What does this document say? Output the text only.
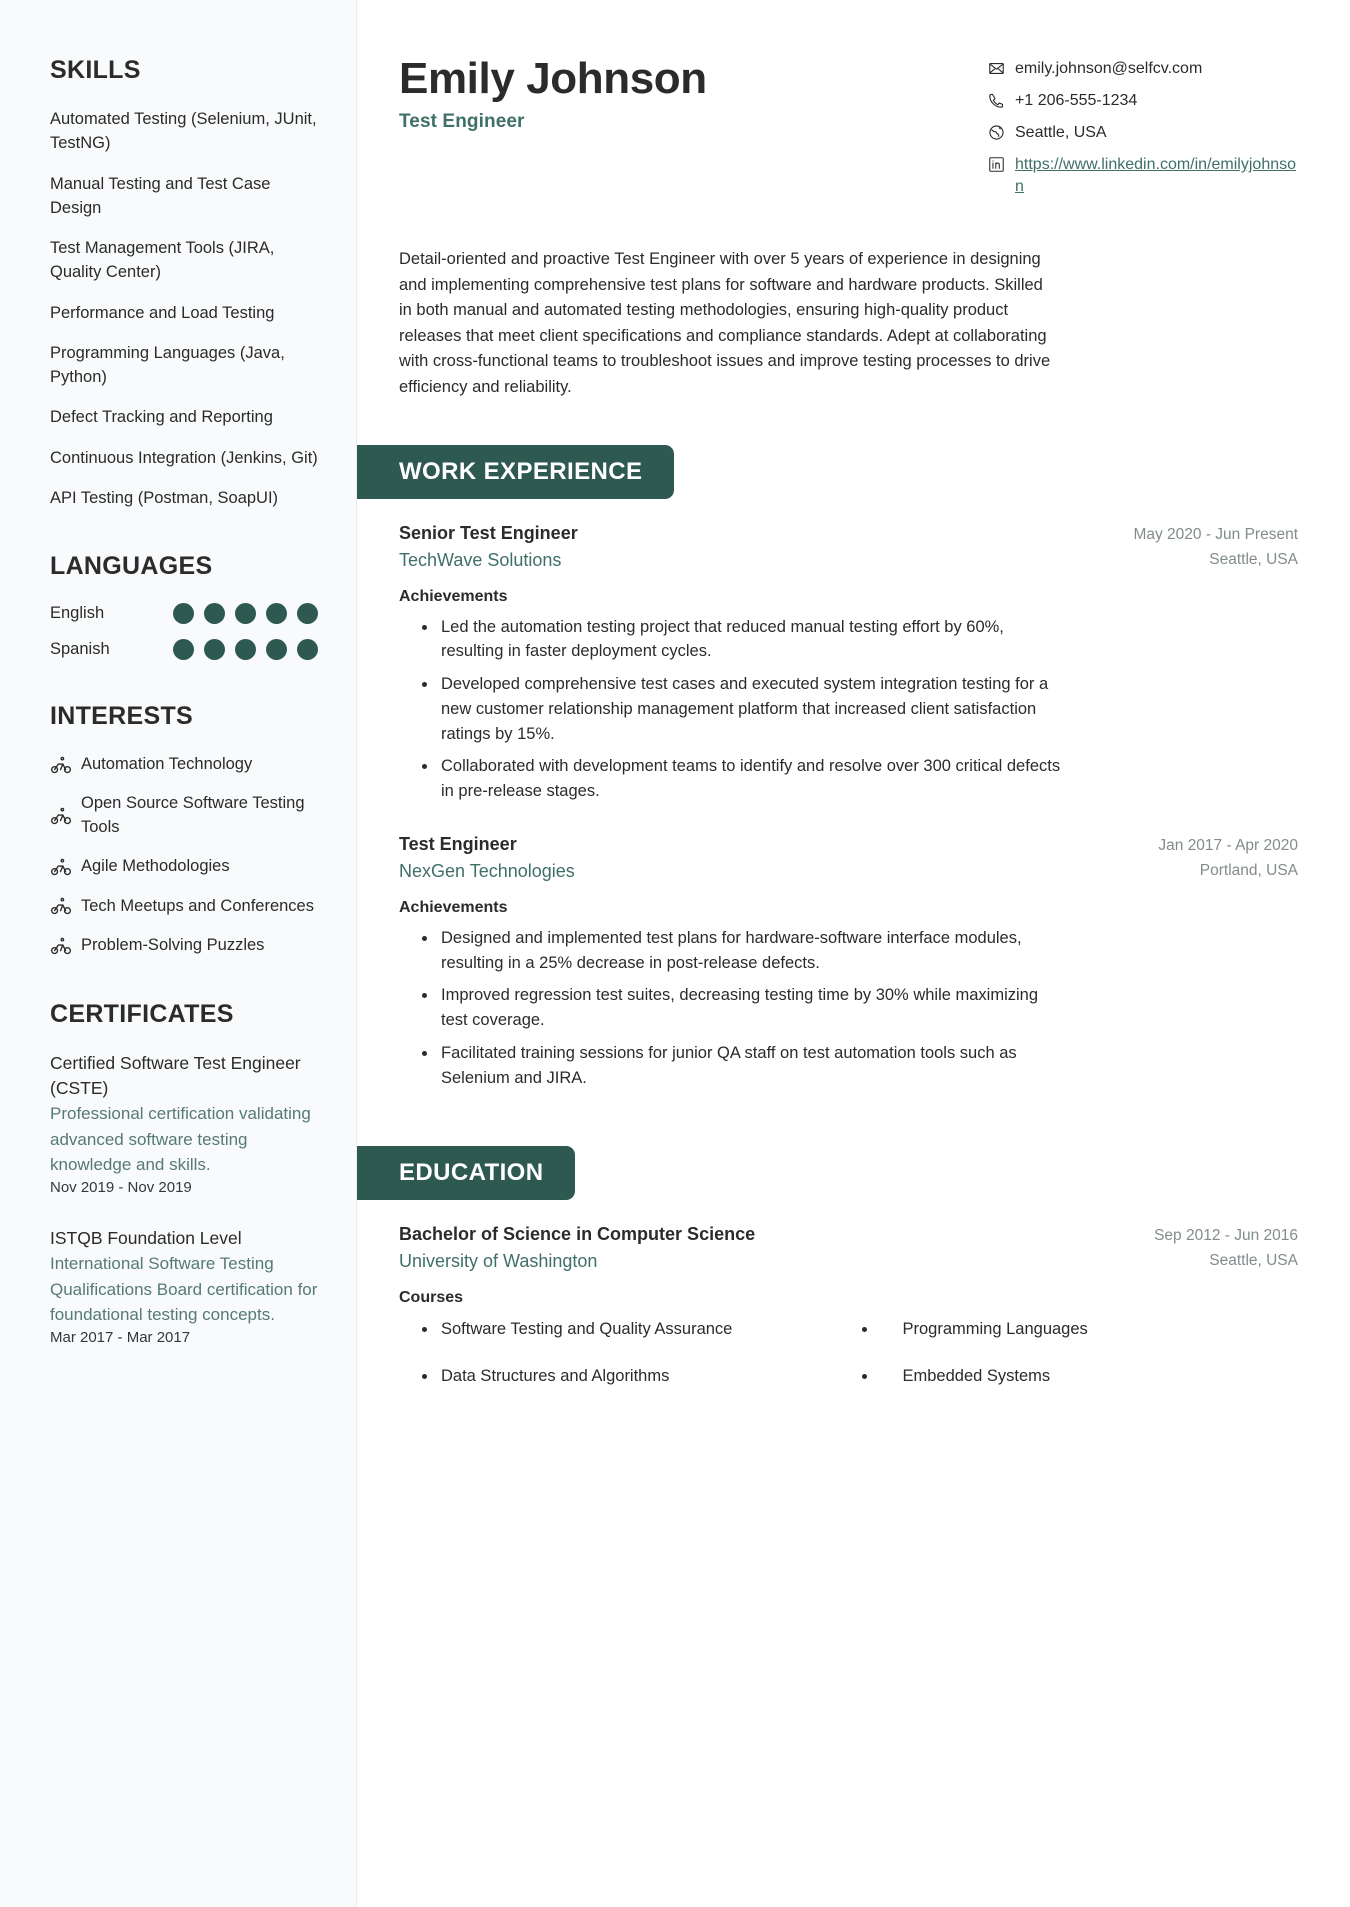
SKILLS
Automated Testing (Selenium, JUnit, TestNG)
Manual Testing and Test Case Design
Test Management Tools (JIRA, Quality Center)
Performance and Load Testing
Programming Languages (Java, Python)
Defect Tracking and Reporting
Continuous Integration (Jenkins, Git)
API Testing (Postman, SoapUI)
LANGUAGES
English
Spanish
INTERESTS
Automation Technology
Open Source Software Testing Tools
Agile Methodologies
Tech Meetups and Conferences
Problem-Solving Puzzles
CERTIFICATES
Certified Software Test Engineer (CSTE)
Professional certification validating advanced software testing knowledge and skills.
Nov 2019 - Nov 2019
ISTQB Foundation Level
International Software Testing Qualifications Board certification for foundational testing concepts.
Mar 2017 - Mar 2017
Emily Johnson
Test Engineer
emily.johnson@selfcv.com
+1 206-555-1234
Seattle, USA
https://www.linkedin.com/in/emilyjohnson

Detail-oriented and proactive Test Engineer with over 5 years of experience in designing and implementing comprehensive test plans for software and hardware products. Skilled in both manual and automated testing methodologies, ensuring high-quality product releases that meet client specifications and compliance standards. Adept at collaborating with cross-functional teams to troubleshoot issues and improve testing processes to drive efficiency and reliability.

WORK EXPERIENCE
Senior Test Engineer
TechWave Solutions
May 2020 - Jun Present
Seattle, USA
Achievements
Led the automation testing project that reduced manual testing effort by 60%, resulting in faster deployment cycles.
Developed comprehensive test cases and executed system integration testing for a new customer relationship management platform that increased client satisfaction ratings by 15%.
Collaborated with development teams to identify and resolve over 300 critical defects in pre-release stages.
Test Engineer
NexGen Technologies
Jan 2017 - Apr 2020
Portland, USA
Achievements
Designed and implemented test plans for hardware-software interface modules, resulting in a 25% decrease in post-release defects.
Improved regression test suites, decreasing testing time by 30% while maximizing test coverage.
Facilitated training sessions for junior QA staff on test automation tools such as Selenium and JIRA.
EDUCATION
Bachelor of Science in Computer Science
University of Washington
Sep 2012 - Jun 2016
Seattle, USA
Courses
Software Testing and Quality Assurance	Programming Languages
Data Structures and Algorithms	Embedded Systems
